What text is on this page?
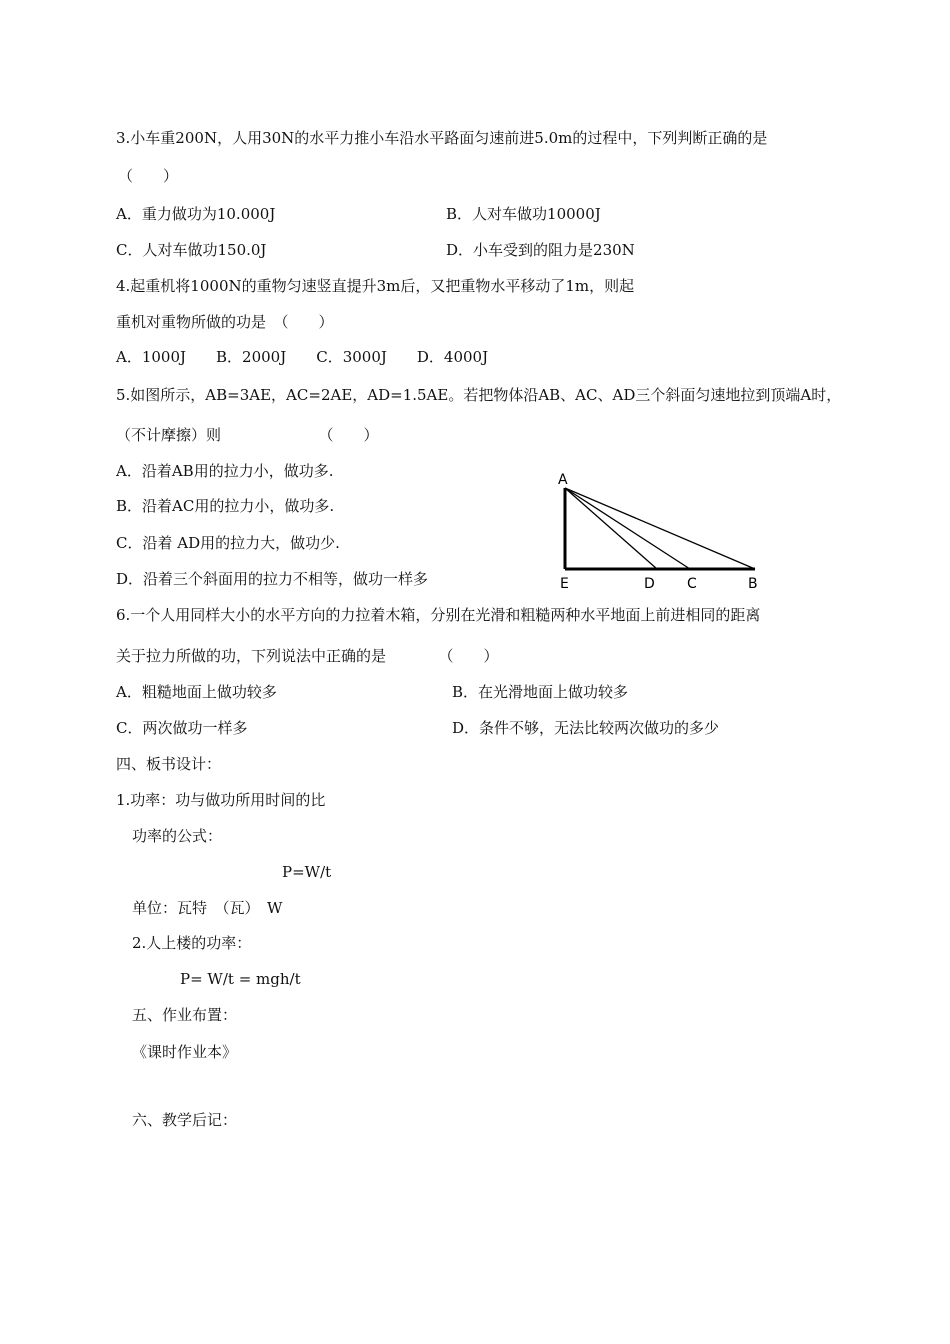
3.小车重200N，人用30N的水平力推小车沿水平路面匀速前进5.0m的过程中，下列判断正确的是
（　　）
A．重力做功为10.000J	B．人对车做功10000J
C．人对车做功150.0J	D．小车受到的阻力是230N
4.起重机将1000N的重物匀速竖直提升3m后，又把重物水平移动了1m，则起
重机对重物所做的功是　（　　）
A．1000J　　B．2000J　　C．3000J　　D．4000J
5.如图所示，AB=3AE，AC=2AE，AD=1.5AE。若把物体沿AB、AC、AD三个斜面匀速地拉到顶端A时，
（不计摩擦）则　　　　　　　（　　）
A．沿着AB用的拉力小，做功多.
B．沿着AC用的拉力小，做功多.
C．沿着 AD用的拉力大，做功少.
D．沿着三个斜面用的拉力不相等，做功一样多
A
E	D C	B
6.一个人用同样大小的水平方向的力拉着木箱，分别在光滑和粗糙两种水平地面上前进相同的距离
关于拉力所做的功，下列说法中正确的是　　　　（　　）
A．粗糙地面上做功较多	B．在光滑地面上做功较多
C．两次做功一样多	D．条件不够，无法比较两次做功的多少
四、板书设计：
1.功率：功与做功所用时间的比
功率的公式：
P=W/t
单位：瓦特　（瓦）　W
2.人上楼的功率：
P= W/t = mgh/t
五、作业布置：
《课时作业本》
六、教学后记：
